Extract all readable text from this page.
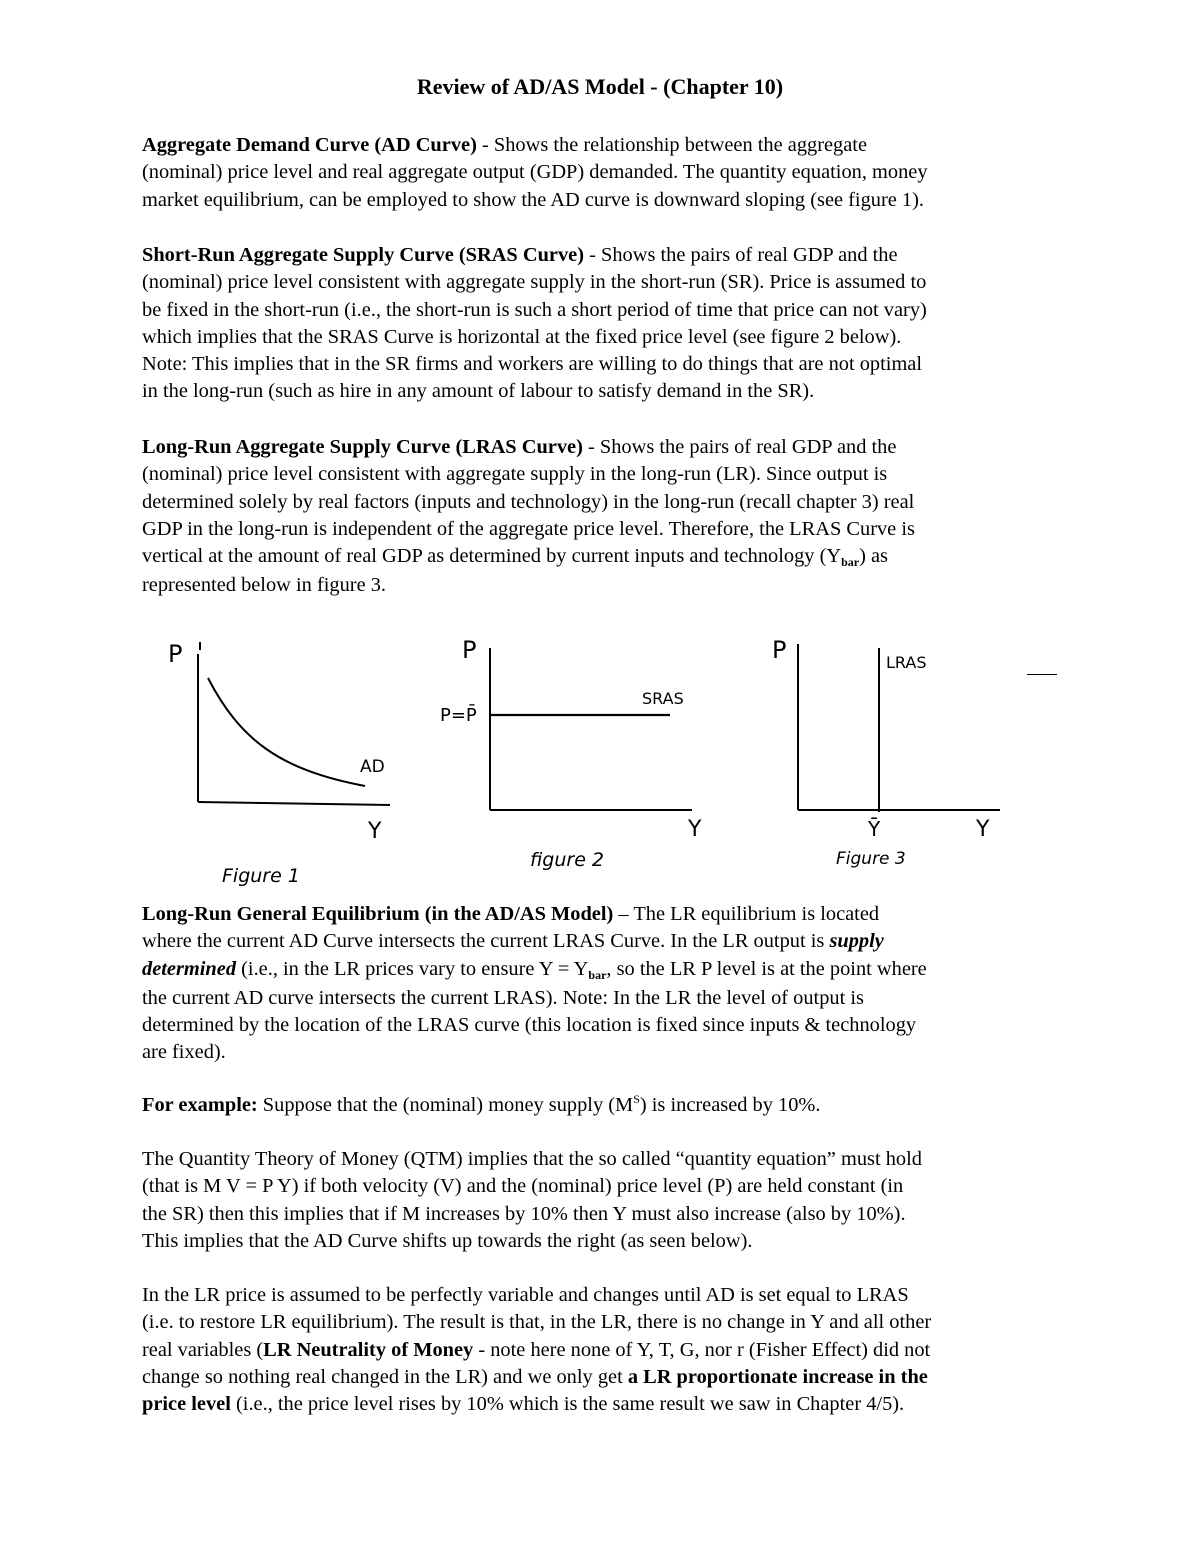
Review of AD/AS Model - (Chapter 10)
Aggregate Demand Curve (AD Curve) - Shows the relationship between the aggregate
(nominal) price level and real aggregate output (GDP) demanded. The quantity equation, money
market equilibrium, can be employed to show the AD curve is downward sloping (see figure 1).
Short-Run Aggregate Supply Curve (SRAS Curve) - Shows the pairs of real GDP and the
(nominal) price level consistent with aggregate supply in the short-run (SR). Price is assumed to
be fixed in the short-run (i.e., the short-run is such a short period of time that price can not vary)
which implies that the SRAS Curve is horizontal at the fixed price level (see figure 2 below).
Note: This implies that in the SR firms and workers are willing to do things that are not optimal
in the long-run (such as hire in any amount of labour to satisfy demand in the SR).
Long-Run Aggregate Supply Curve (LRAS Curve) - Shows the pairs of real GDP and the
(nominal) price level consistent with aggregate supply in the long-run (LR). Since output is
determined solely by real factors (inputs and technology) in the long-run (recall chapter 3) real
GDP in the long-run is independent of the aggregate price level. Therefore, the LRAS Curve is
vertical at the amount of real GDP as determined by current inputs and technology (Ybar) as
represented below in figure 3.
P
AD
Y
Figure 1
P
P=P̄
SRAS
Y
figure 2
P	LRAS
Ȳ	Y
Figure 3
Long-Run General Equilibrium (in the AD/AS Model) – The LR equilibrium is located
where the current AD Curve intersects the current LRAS Curve. In the LR output is supply
determined (i.e., in the LR prices vary to ensure Y = Ybar, so the LR P level is at the point where
the current AD curve intersects the current LRAS). Note: In the LR the level of output is
determined by the location of the LRAS curve (this location is fixed since inputs & technology
are fixed).
For example: Suppose that the (nominal) money supply $(M^S)$ is increased by 10%.
The Quantity Theory of Money (QTM) implies that the so called “quantity equation” must hold
(that is M V = P Y) if both velocity (V) and the (nominal) price level (P) are held constant (in
the SR) then this implies that if M increases by 10% then Y must also increase (also by 10%).
This implies that the AD Curve shifts up towards the right (as seen below).
In the LR price is assumed to be perfectly variable and changes until AD is set equal to LRAS
(i.e. to restore LR equilibrium). The result is that, in the LR, there is no change in Y and all other
real variables (LR Neutrality of Money - note here none of Y, T, G, nor r (Fisher Effect) did not
change so nothing real changed in the LR) and we only get a LR proportionate increase in the
price level (i.e., the price level rises by 10% which is the same result we saw in Chapter 4/5).
